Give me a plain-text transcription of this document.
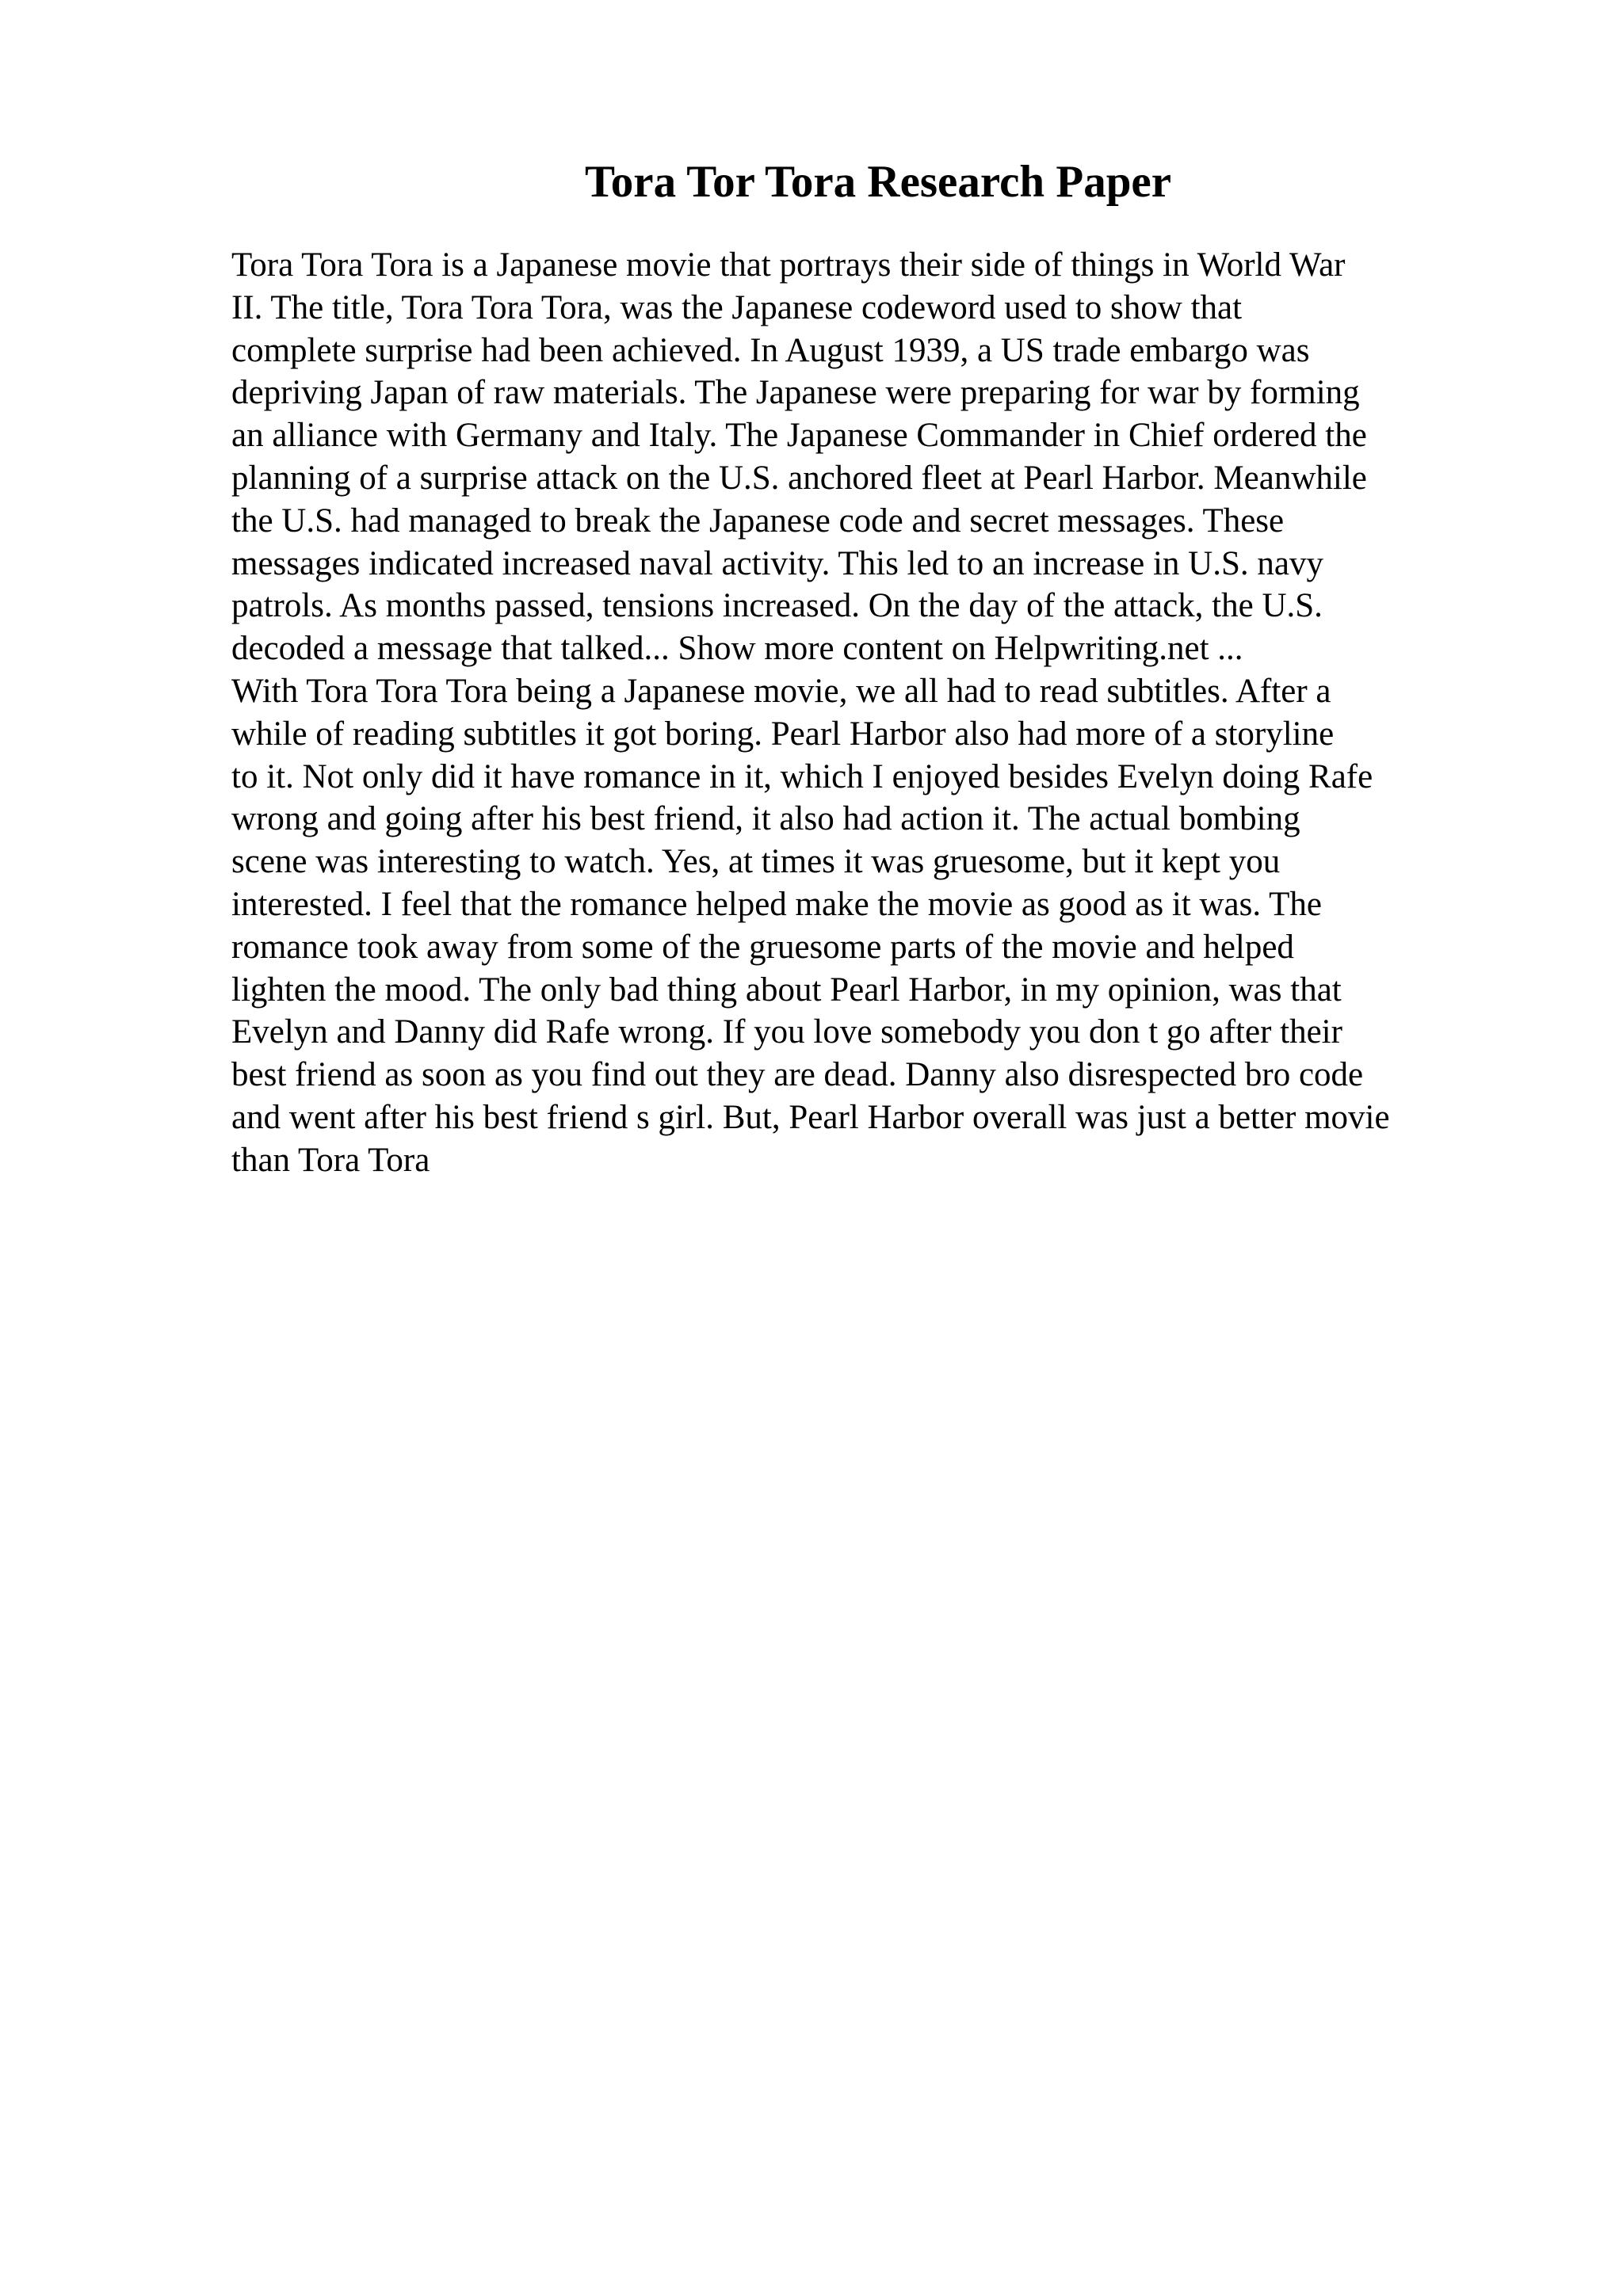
Tora Tor Tora Research Paper
Tora Tora Tora is a Japanese movie that portrays their side of things in World War
II. The title, Tora Tora Tora, was the Japanese codeword used to show that
complete surprise had been achieved. In August 1939, a US trade embargo was
depriving Japan of raw materials. The Japanese were preparing for war by forming
an alliance with Germany and Italy. The Japanese Commander in Chief ordered the
planning of a surprise attack on the U.S. anchored fleet at Pearl Harbor. Meanwhile
the U.S. had managed to break the Japanese code and secret messages. These
messages indicated increased naval activity. This led to an increase in U.S. navy
patrols. As months passed, tensions increased. On the day of the attack, the U.S.
decoded a message that talked... Show more content on Helpwriting.net ...
With Tora Tora Tora being a Japanese movie, we all had to read subtitles. After a
while of reading subtitles it got boring. Pearl Harbor also had more of a storyline
to it. Not only did it have romance in it, which I enjoyed besides Evelyn doing Rafe
wrong and going after his best friend, it also had action it. The actual bombing
scene was interesting to watch. Yes, at times it was gruesome, but it kept you
interested. I feel that the romance helped make the movie as good as it was. The
romance took away from some of the gruesome parts of the movie and helped
lighten the mood. The only bad thing about Pearl Harbor, in my opinion, was that
Evelyn and Danny did Rafe wrong. If you love somebody you don t go after their
best friend as soon as you find out they are dead. Danny also disrespected bro code
and went after his best friend s girl. But, Pearl Harbor overall was just a better movie
than Tora Tora
